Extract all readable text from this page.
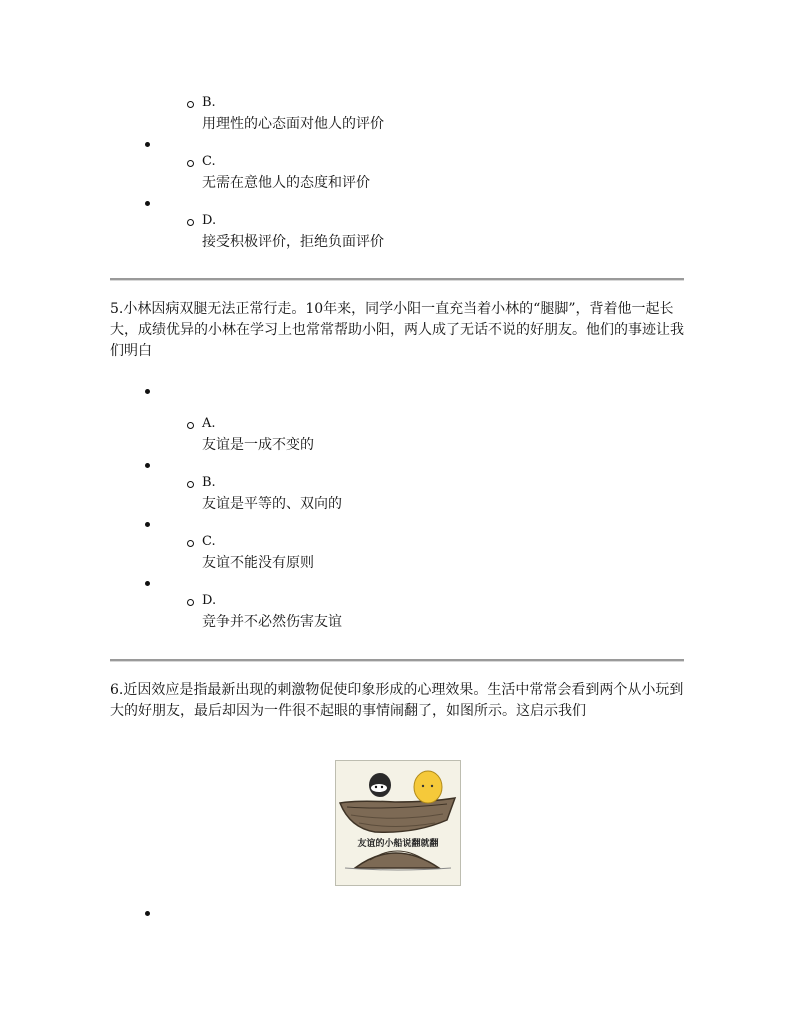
B.
用理性的心态面对他人的评价
C.
无需在意他人的态度和评价
D.
接受积极评价，拒绝负面评价
5.小林因病双腿无法正常行走。10年来，同学小阳一直充当着小林的“腿脚”，背着他一起长大，成绩优异的小林在学习上也常常帮助小阳，两人成了无话不说的好朋友。他们的事迹让我们明白
A.
友谊是一成不变的
B.
友谊是平等的、双向的
C.
友谊不能没有原则
D.
竞争并不必然伤害友谊
6.近因效应是指最新出现的刺激物促使印象形成的心理效果。生活中常常会看到两个从小玩到大的好朋友，最后却因为一件很不起眼的事情闹翻了，如图所示。这启示我们
友谊的小船说翻就翻
